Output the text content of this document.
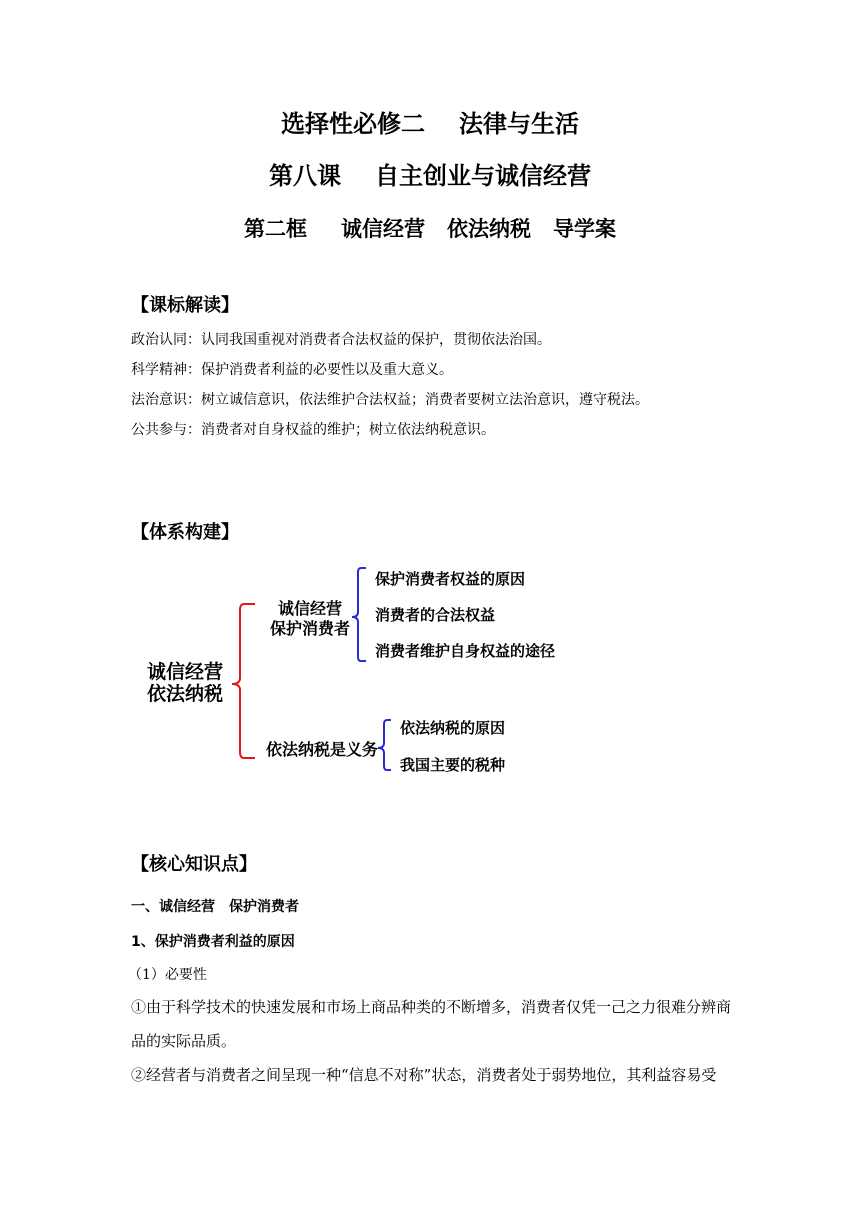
选择性必修二 法律与生活
第八课 自主创业与诚信经营
第二框 诚信经营 依法纳税 导学案
【课标解读】
政治认同：认同我国重视对消费者合法权益的保护，贯彻依法治国。
科学精神：保护消费者利益的必要性以及重大意义。
法治意识：树立诚信意识，依法维护合法权益；消费者要树立法治意识，遵守税法。
公共参与：消费者对自身权益的维护；树立依法纳税意识。
【体系构建】
诚信经营
依法纳税
诚信经营
保护消费者
保护消费者权益的原因
消费者的合法权益
消费者维护自身权益的途径
依法纳税是义务
依法纳税的原因
我国主要的税种
【核心知识点】
一、诚信经营　保护消费者
1、保护消费者利益的原因
（1）必要性
①由于科学技术的快速发展和市场上商品种类的不断增多，消费者仅凭一己之力很难分辨商
品的实际品质。
②经营者与消费者之间呈现一种“信息不对称”状态，消费者处于弱势地位，其利益容易受
